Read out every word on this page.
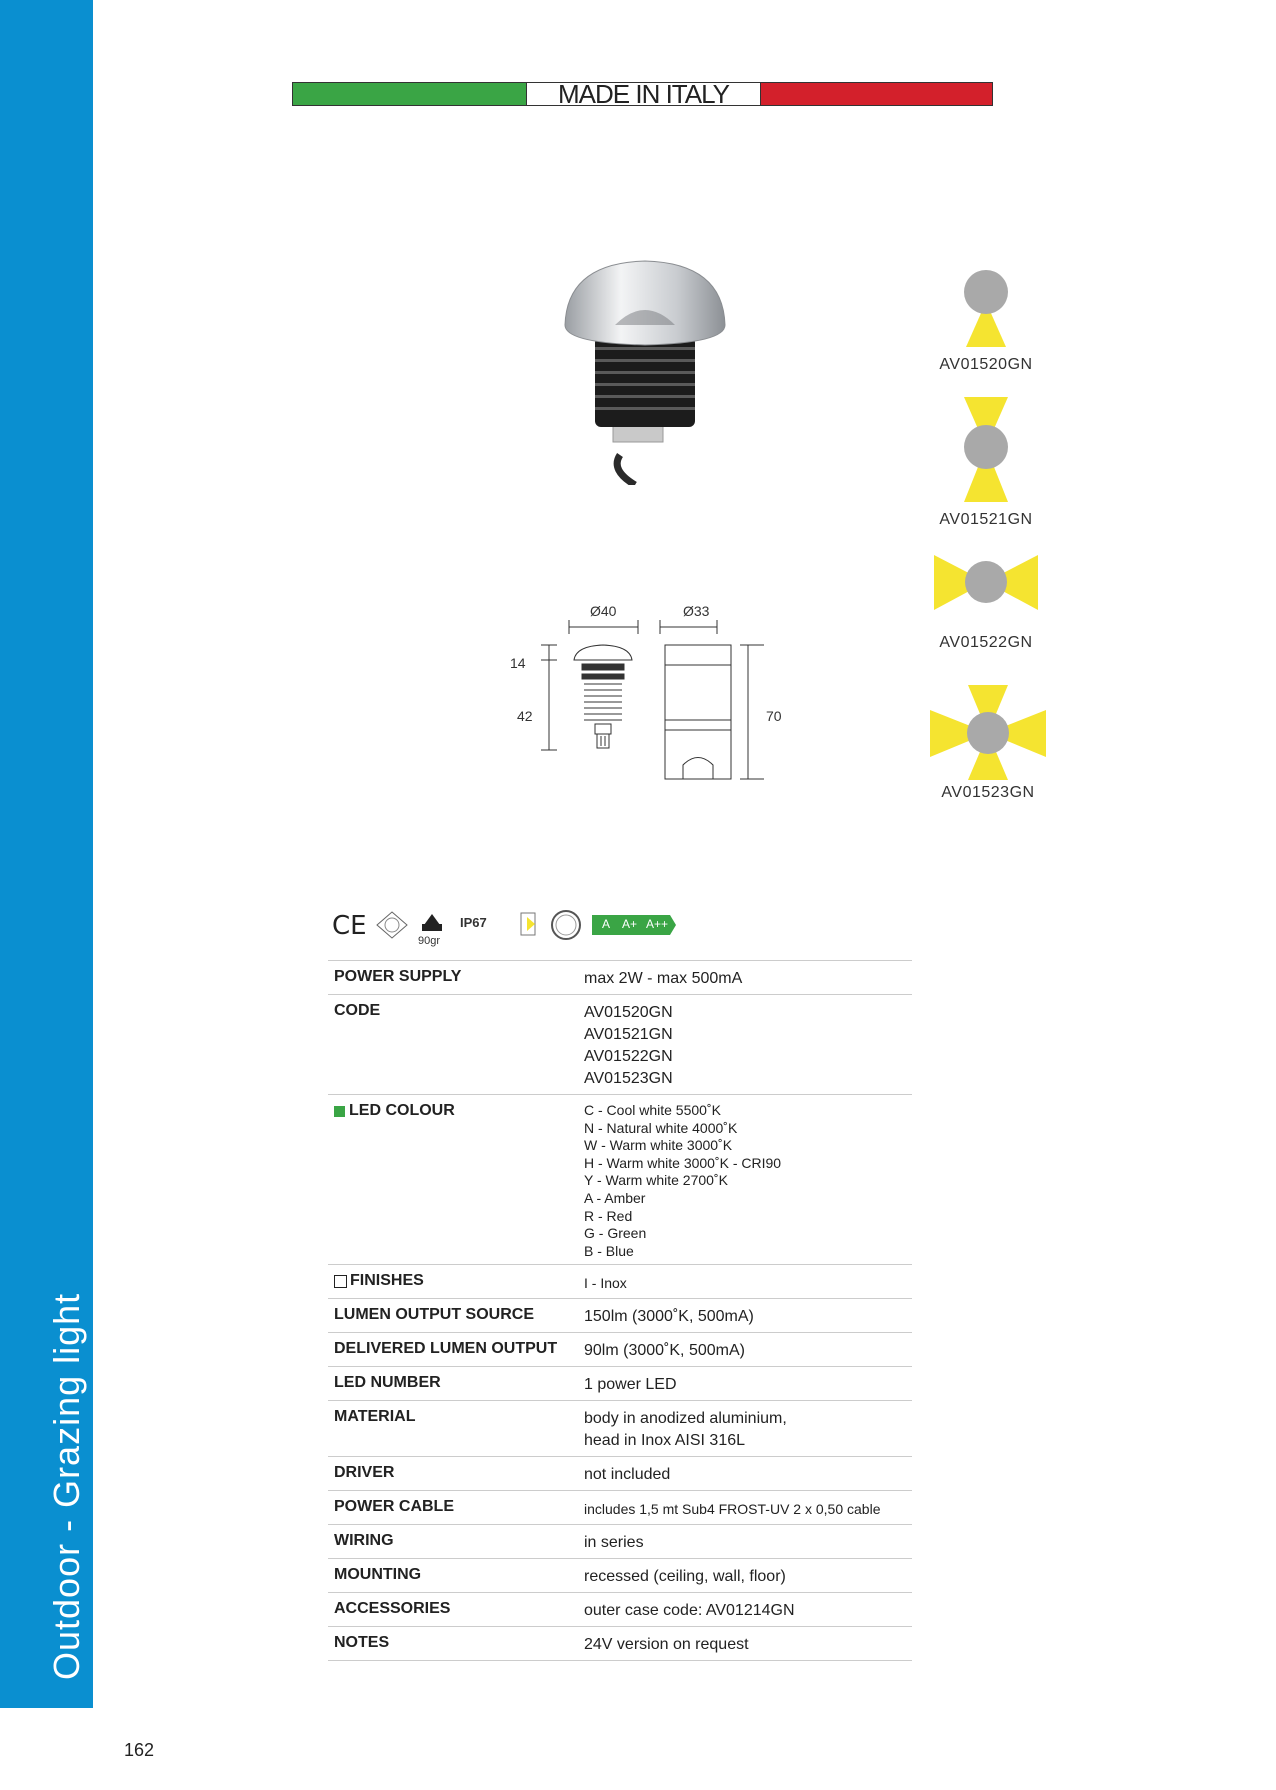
Outdoor - Grazing light
MADE IN ITALY
Ø40	Ø33
14
42	70
AV01520GN
AV01521GN
AV01522GN
AV01523GN
CE	90gr
IP67	A A+ A++
POWER SUPPLY	max 2W - max 500mA
CODE	AV01520GN
AV01521GN
AV01522GN
AV01523GN
LED COLOUR	C - Cool white 5500˚K
N - Natural white 4000˚K
W - Warm white 3000˚K
H - Warm white 3000˚K - CRI90
Y - Warm white 2700˚K
A - Amber
R - Red
G - Green
B - Blue
FINISHES	I - Inox
LUMEN OUTPUT SOURCE	150lm (3000˚K, 500mA)
DELIVERED LUMEN OUTPUT	90lm (3000˚K, 500mA)
LED NUMBER	1 power LED
MATERIAL	body in anodized aluminium,
head in Inox AISI 316L
DRIVER	not included
POWER CABLE	includes 1,5 mt Sub4 FROST-UV 2 x 0,50 cable
WIRING	in series
MOUNTING	recessed (ceiling, wall, floor)
ACCESSORIES	outer case code: AV01214GN
NOTES	24V version on request
162
